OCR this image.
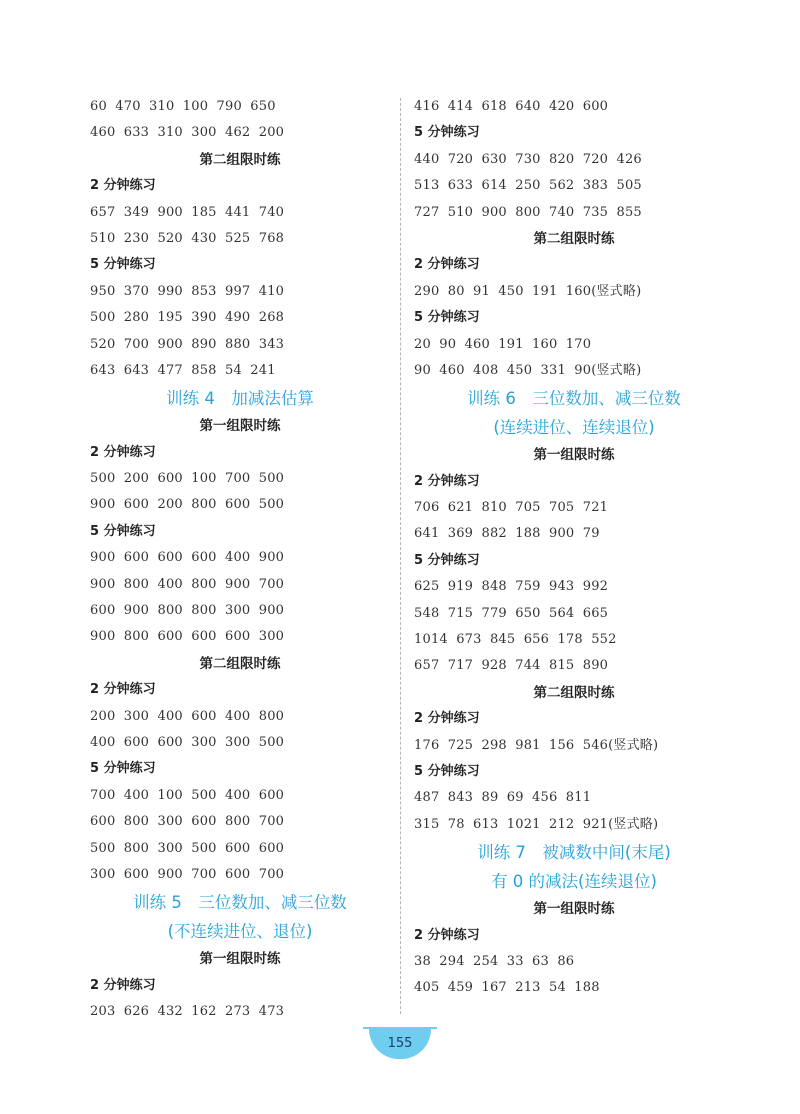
60 470 310 100 790 650
460 633 310 300 462 200
第二组限时练
2 分钟练习
657 349 900 185 441 740
510 230 520 430 525 768
5 分钟练习
950 370 990 853 997 410
500 280 195 390 490 268
520 700 900 890 880 343
643 643 477 858 54 241
训练 4　加减法估算
第一组限时练
2 分钟练习
500 200 600 100 700 500
900 600 200 800 600 500
5 分钟练习
900 600 600 600 400 900
900 800 400 800 900 700
600 900 800 800 300 900
900 800 600 600 600 300
第二组限时练
2 分钟练习
200 300 400 600 400 800
400 600 600 300 300 500
5 分钟练习
700 400 100 500 400 600
600 800 300 600 800 700
500 800 300 500 600 600
300 600 900 700 600 700
训练 5　三位数加、减三位数
(不连续进位、退位)
第一组限时练
2 分钟练习
203 626 432 162 273 473
416 414 618 640 420 600
5 分钟练习
440 720 630 730 820 720 426
513 633 614 250 562 383 505
727 510 900 800 740 735 855
第二组限时练
2 分钟练习
290 80 91 450 191 160(竖式略)
5 分钟练习
20 90 460 191 160 170
90 460 408 450 331 90(竖式略)
训练 6　三位数加、减三位数
(连续进位、连续退位)
第一组限时练
2 分钟练习
706 621 810 705 705 721
641 369 882 188 900 79
5 分钟练习
625 919 848 759 943 992
548 715 779 650 564 665
1014 673 845 656 178 552
657 717 928 744 815 890
第二组限时练
2 分钟练习
176 725 298 981 156 546(竖式略)
5 分钟练习
487 843 89 69 456 811
315 78 613 1021 212 921(竖式略)
训练 7　被减数中间(末尾)
有 0 的减法(连续退位)
第一组限时练
2 分钟练习
38 294 254 33 63 86
405 459 167 213 54 188
155
